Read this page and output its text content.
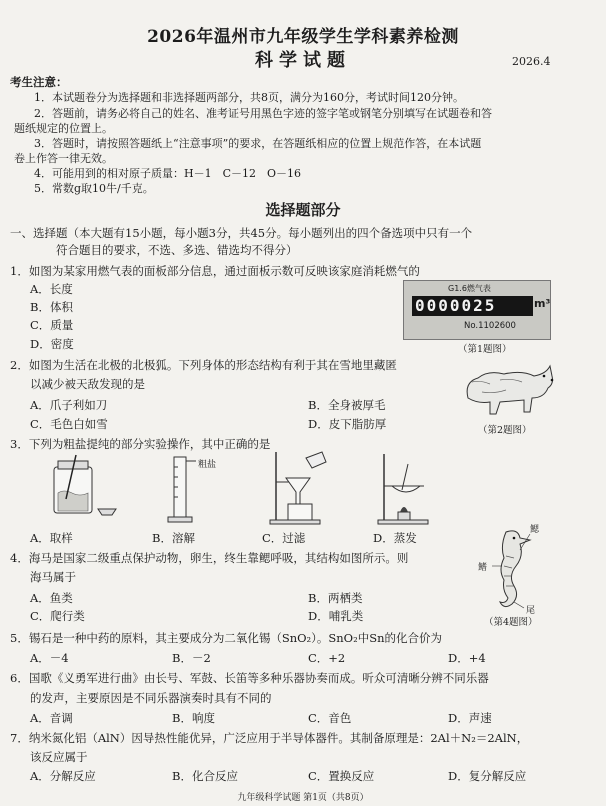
2026年温州市九年级学生学科素养检测
科学试题	2026.4
考生注意：
1．本试题卷分为选择题和非选择题两部分，共8页，满分为160分，考试时间120分钟。
2．答题前，请务必将自己的姓名、准考证号用黑色字迹的签字笔或钢笔分别填写在试题卷和答
题纸规定的位置上。
3．答题时，请按照答题纸上“注意事项”的要求，在答题纸相应的位置上规范作答，在本试题
卷上作答一律无效。
4．可能用到的相对原子质量：H－1　C－12　O－16
5．常数g取10牛/千克。
选择题部分
一、选择题（本大题有15小题，每小题3分，共45分。每小题列出的四个备选项中只有一个
符合题目的要求，不选、多选、错选均不得分）
1．如图为某家用燃气表的面板部分信息，通过面板示数可反映该家庭消耗燃气的
A．长度
B．体积
C．质量
D．密度
G1.6燃气表
0000025	m³
No.1102600
（第1题图）
2．如图为生活在北极的北极狐。下列身体的形态结构有利于其在雪地里藏匿
以减少被天敌发现的是
A．爪子利如刀	B．全身被厚毛
C．毛色白如雪	D．皮下脂肪厚	（第2题图）
3．下列为粗盐提纯的部分实验操作，其中正确的是
粗盐
A．取样	B．溶解	C．过滤	D．蒸发
4．海马是国家二级重点保护动物，卵生，终生靠鳃呼吸，其结构如图所示。则
海马属于
A．鱼类	B．两栖类
C．爬行类	D．哺乳类
鳃
鳍
尾
（第4题图）
5．锡石是一种中药的原料，其主要成分为二氧化锡（SnO₂）。SnO₂中Sn的化合价为
A．－4	B．－2	C．+2	D．+4
6．国歌《义勇军进行曲》由长号、军鼓、长笛等多种乐器协奏而成。听众可清晰分辨不同乐器
的发声，主要原因是不同乐器演奏时具有不同的
A．音调	B．响度	C．音色	D．声速
7．纳米氮化铝（AlN）因导热性能优异，广泛应用于半导体器件。其制备原理是：2Al＋N₂＝2AlN，
该反应属于
A．分解反应	B．化合反应	C．置换反应	D．复分解反应
九年级科学试题 第1页（共8页）
